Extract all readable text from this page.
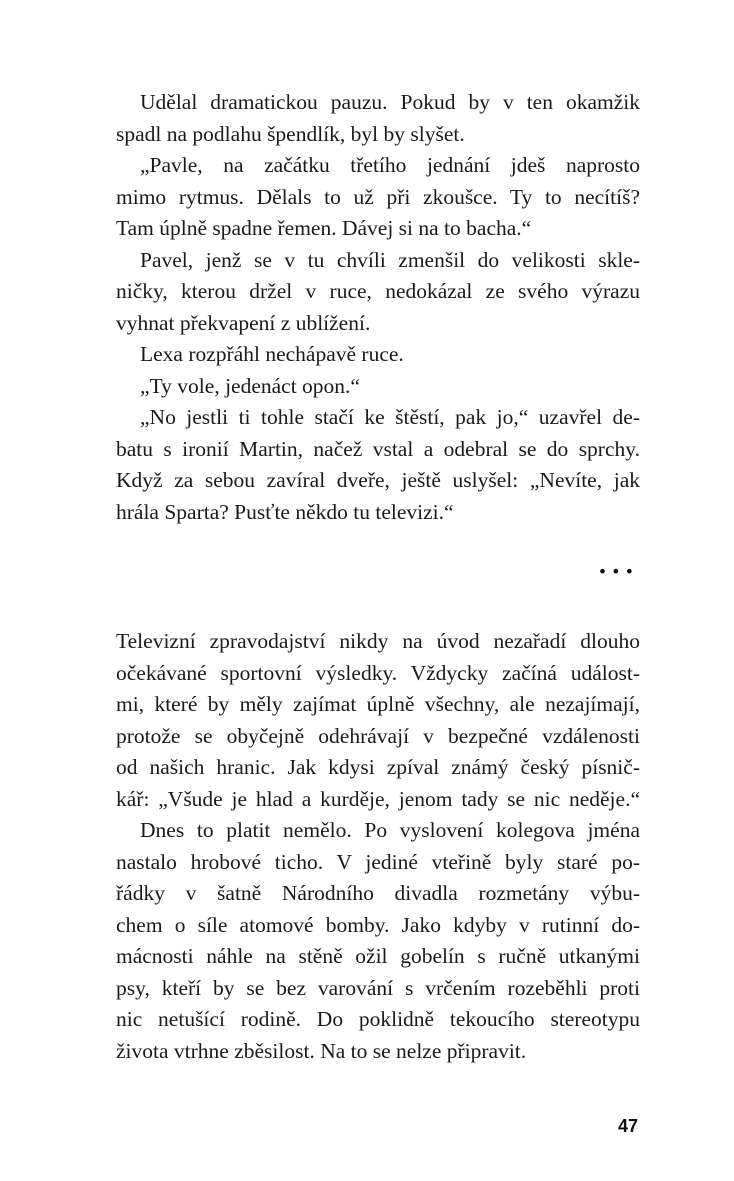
Udělal dramatickou pauzu. Pokud by v ten okamžik
spadl na podlahu špendlík, byl by slyšet.
„Pavle, na začátku třetího jednání jdeš naprosto
mimo rytmus. Dělals to už při zkoušce. Ty to necítíš?
Tam úplně spadne řemen. Dávej si na to bacha.“
Pavel, jenž se v tu chvíli zmenšil do velikosti skle-
ničky, kterou držel v ruce, nedokázal ze svého výrazu
vyhnat překvapení z ublížení.
Lexa rozpřáhl nechápavě ruce.
„Ty vole, jedenáct opon.“
„No jestli ti tohle stačí ke štěstí, pak jo,“ uzavřel de-
batu s ironií Martin, načež vstal a odebral se do sprchy.
Když za sebou zavíral dveře, ještě uslyšel: „Nevíte, jak
hrála Sparta? Pusťte někdo tu televizi.“
•••
Televizní zpravodajství nikdy na úvod nezařadí dlouho
očekávané sportovní výsledky. Vždycky začíná událost-
mi, které by měly zajímat úplně všechny, ale nezajímají,
protože se obyčejně odehrávají v bezpečné vzdálenosti
od našich hranic. Jak kdysi zpíval známý český písnič-
kář: „Všude je hlad a kurděje, jenom tady se nic neděje.“
Dnes to platit nemělo. Po vyslovení kolegova jména
nastalo hrobové ticho. V jediné vteřině byly staré po-
řádky v šatně Národního divadla rozmetány výbu-
chem o síle atomové bomby. Jako kdyby v rutinní do-
mácnosti náhle na stěně ožil gobelín s ručně utkanými
psy, kteří by se bez varování s vrčením rozeběhli proti
nic netušící rodině. Do poklidně tekoucího stereotypu
života vtrhne zběsilost. Na to se nelze připravit.
47
